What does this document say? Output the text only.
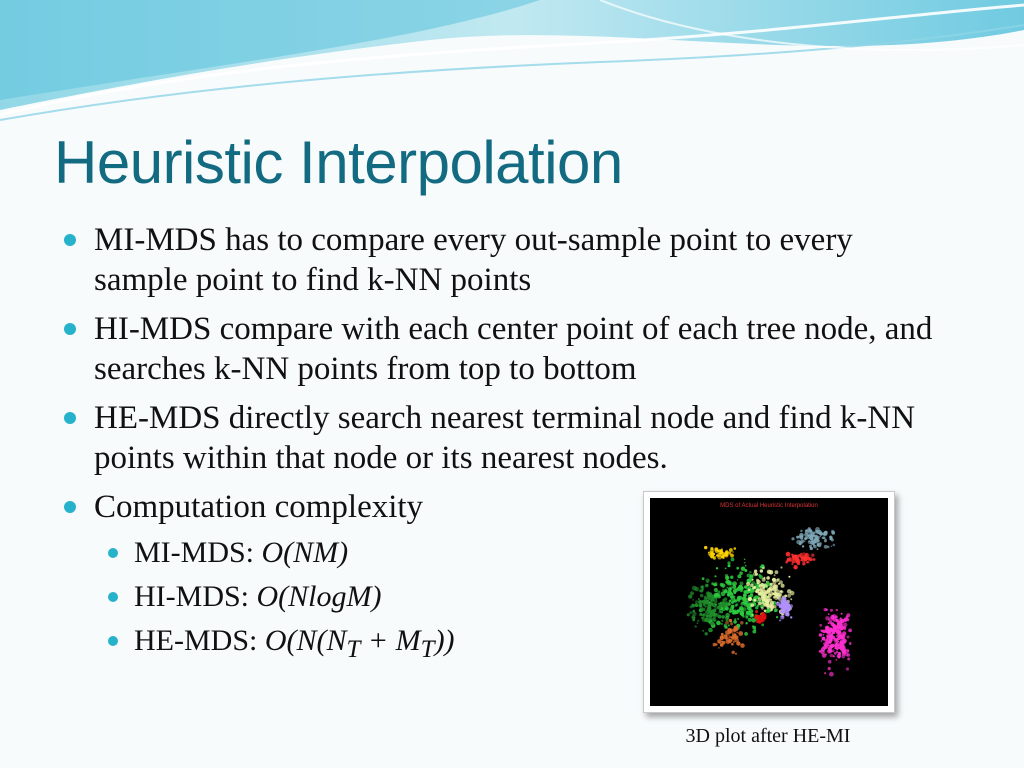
Heuristic Interpolation
MI-MDS has to compare every out-sample point to every sample point to find k-NN points
HI-MDS compare with each center point of each tree node, and searches k-NN points from top to bottom
HE-MDS directly search nearest terminal node and find k-NN points within that node or its nearest nodes.
Computation complexity
MI-MDS: O(NM)
HI-MDS: O(NlogM)
HE-MDS: $O(N(N_T + M_T))$
MDS of Actual Heuristic Interpolation
3D plot after HE-MI
